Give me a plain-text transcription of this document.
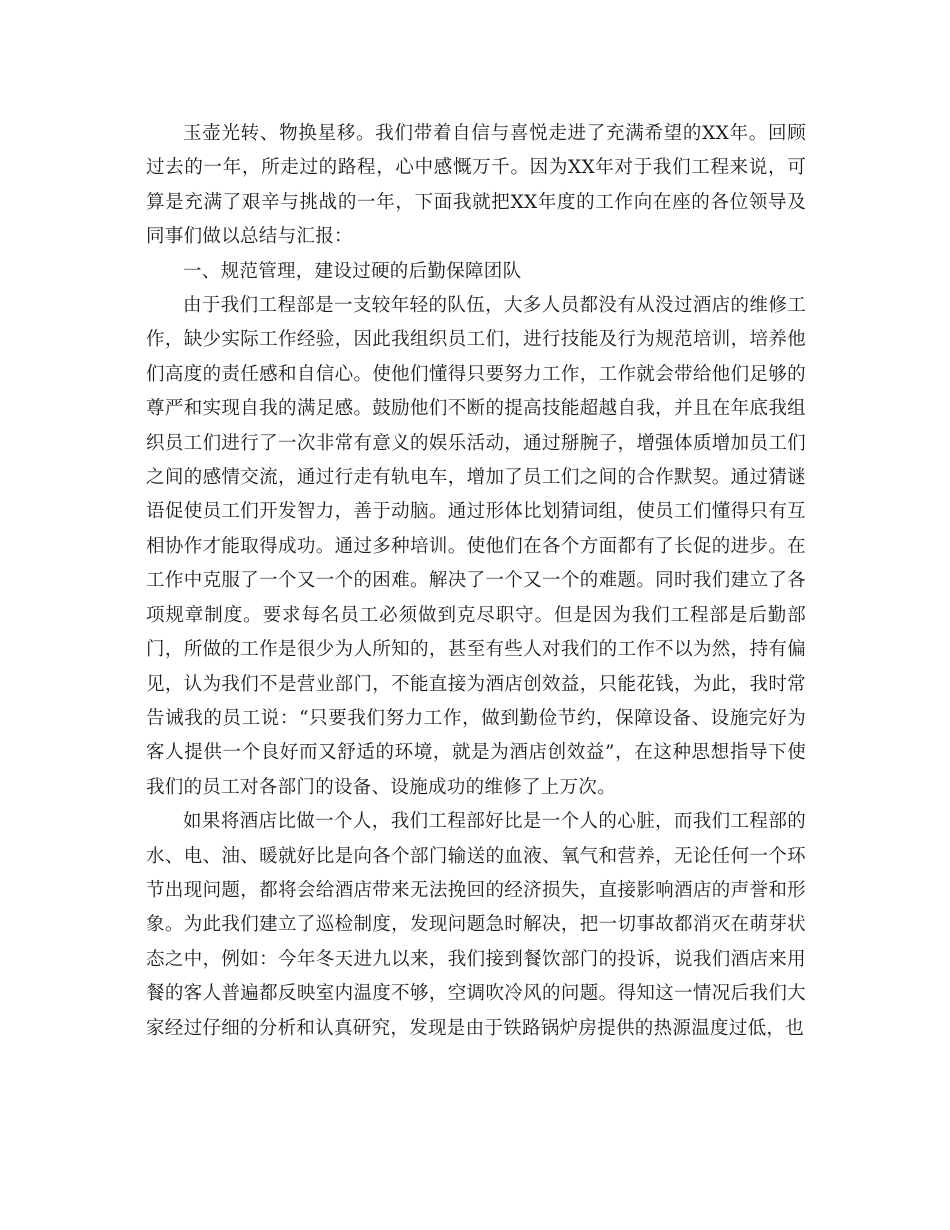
玉壶光转、物换星移。我们带着自信与喜悦走进了充满希望的XX年。回顾过去的一年，所走过的路程，心中感慨万千。因为XX年对于我们工程来说，可算是充满了艰辛与挑战的一年，下面我就把XX年度的工作向在座的各位领导及同事们做以总结与汇报：

一、规范管理，建设过硬的后勤保障团队

由于我们工程部是一支较年轻的队伍，大多人员都没有从没过酒店的维修工作，缺少实际工作经验，因此我组织员工们，进行技能及行为规范培训，培养他们高度的责任感和自信心。使他们懂得只要努力工作，工作就会带给他们足够的尊严和实现自我的满足感。鼓励他们不断的提高技能超越自我，并且在年底我组织员工们进行了一次非常有意义的娱乐活动，通过掰腕子，增强体质增加员工们之间的感情交流，通过行走有轨电车，增加了员工们之间的合作默契。通过猜谜语促使员工们开发智力，善于动脑。通过形体比划猜词组，使员工们懂得只有互相协作才能取得成功。通过多种培训。使他们在各个方面都有了长促的进步。在工作中克服了一个又一个的困难。解决了一个又一个的难题。同时我们建立了各项规章制度。要求每名员工必须做到克尽职守。但是因为我们工程部是后勤部门，所做的工作是很少为人所知的，甚至有些人对我们的工作不以为然，持有偏见，认为我们不是营业部门，不能直接为酒店创效益，只能花钱，为此，我时常告诫我的员工说：“只要我们努力工作，做到勤俭节约，保障设备、设施完好为客人提供一个良好而又舒适的环境，就是为酒店创效益”，在这种思想指导下使我们的员工对各部门的设备、设施成功的维修了上万次。

如果将酒店比做一个人，我们工程部好比是一个人的心脏，而我们工程部的水、电、油、暖就好比是向各个部门输送的血液、氧气和营养，无论任何一个环节出现问题，都将会给酒店带来无法挽回的经济损失，直接影响酒店的声誉和形象。为此我们建立了巡检制度，发现问题急时解决，把一切事故都消灭在萌芽状态之中，例如：今年冬天进九以来，我们接到餐饮部门的投诉，说我们酒店来用餐的客人普遍都反映室内温度不够，空调吹冷风的问题。得知这一情况后我们大家经过仔细的分析和认真研究，发现是由于铁路锅炉房提供的热源温度过低，也
